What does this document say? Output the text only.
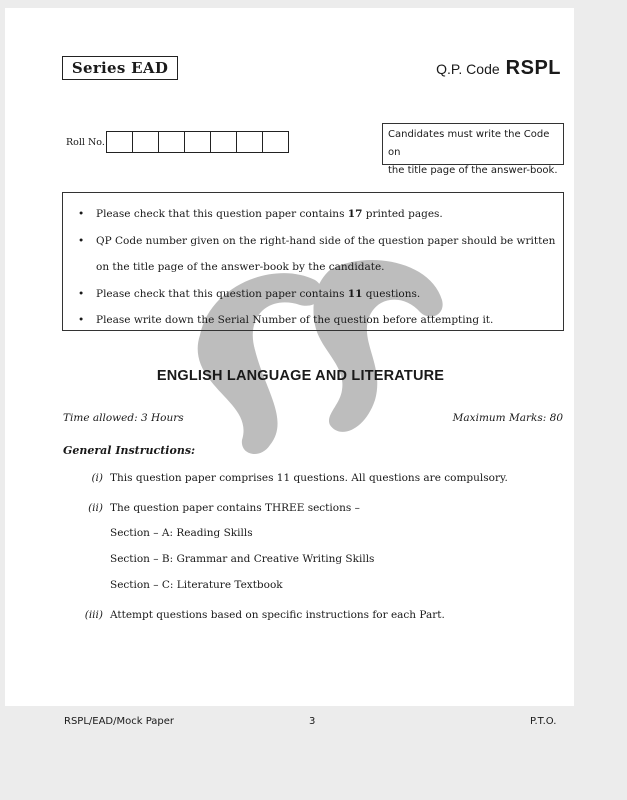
Series EAD	Q.P. Code RSPL
Roll No.
Candidates must write the Code on
the title page of the answer-book.
• Please check that this question paper contains 17 printed pages.
• QP Code number given on the right-hand side of the question paper should be written
on the title page of the answer-book by the candidate.
• Please check that this question paper contains 11 questions.
• Please write down the Serial Number of the question before attempting it.
ENGLISH LANGUAGE AND LITERATURE
Time allowed: 3 Hours	Maximum Marks: 80
General Instructions:
(i) This question paper comprises 11 questions. All questions are compulsory.
(ii) The question paper contains THREE sections –
Section – A: Reading Skills
Section – B: Grammar and Creative Writing Skills
Section – C: Literature Textbook
(iii) Attempt questions based on specific instructions for each Part.
RSPL/EAD/Mock Paper	3	P.T.O.
